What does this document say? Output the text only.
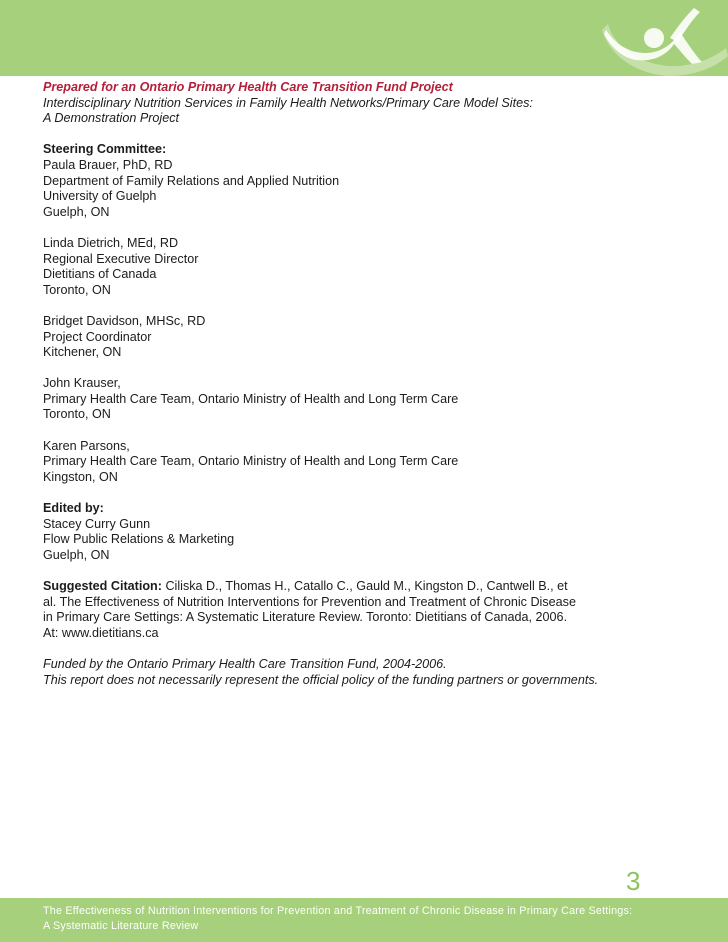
Prepared for an Ontario Primary Health Care Transition Fund Project
Interdisciplinary Nutrition Services in Family Health Networks/Primary Care Model Sites:
A Demonstration Project
Steering Committee:
Paula Brauer, PhD, RD
Department of Family Relations and Applied Nutrition
University of Guelph
Guelph, ON
Linda Dietrich, MEd, RD
Regional Executive Director
Dietitians of Canada
Toronto, ON
Bridget Davidson, MHSc, RD
Project Coordinator
Kitchener, ON
John Krauser,
Primary Health Care Team, Ontario Ministry of Health and Long Term Care
Toronto, ON
Karen Parsons,
Primary Health Care Team, Ontario Ministry of Health and Long Term Care
Kingston, ON
Edited by:
Stacey Curry Gunn
Flow Public Relations & Marketing
Guelph, ON
Suggested Citation: Ciliska D., Thomas H., Catallo C., Gauld M., Kingston D., Cantwell B., et
al. The Effectiveness of Nutrition Interventions for Prevention and Treatment of Chronic Disease
in Primary Care Settings: A Systematic Literature Review. Toronto: Dietitians of Canada, 2006.
At: www.dietitians.ca
Funded by the Ontario Primary Health Care Transition Fund, 2004-2006.
This report does not necessarily represent the official policy of the funding partners or governments.
3
The Effectiveness of Nutrition Interventions for Prevention and Treatment of Chronic Disease in Primary Care Settings:
A Systematic Literature Review
